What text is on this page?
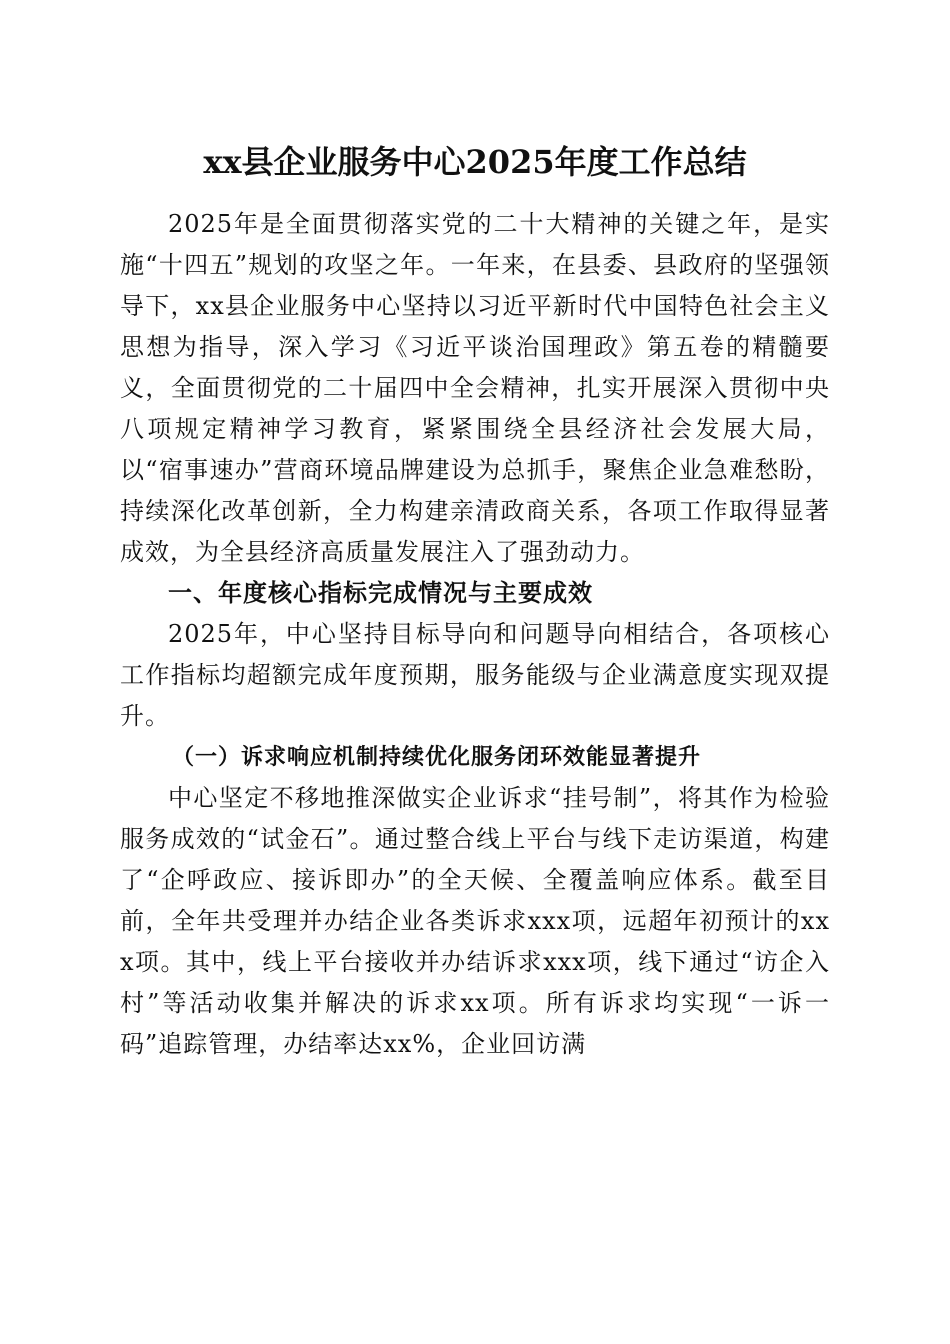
xx县企业服务中心2025年度工作总结

2025年是全面贯彻落实党的二十大精神的关键之年，是实施“十四五”规划的攻坚之年。一年来，在县委、县政府的坚强领导下，xx县企业服务中心坚持以习近平新时代中国特色社会主义思想为指导，深入学习《习近平谈治国理政》第五卷的精髓要义，全面贯彻党的二十届四中全会精神，扎实开展深入贯彻中央八项规定精神学习教育，紧紧围绕全县经济社会发展大局，以“宿事速办”营商环境品牌建设为总抓手，聚焦企业急难愁盼，持续深化改革创新，全力构建亲清政商关系，各项工作取得显著成效，为全县经济高质量发展注入了强劲动力。

一、年度核心指标完成情况与主要成效

2025年，中心坚持目标导向和问题导向相结合，各项核心工作指标均超额完成年度预期，服务能级与企业满意度实现双提升。

（一）诉求响应机制持续优化服务闭环效能显著提升

中心坚定不移地推深做实企业诉求“挂号制”，将其作为检验服务成效的“试金石”。通过整合线上平台与线下走访渠道，构建了“企呼政应、接诉即办”的全天候、全覆盖响应体系。截至目前，全年共受理并办结企业各类诉求xxx项，远超年初预计的xxx项。其中，线上平台接收并办结诉求xxx项，线下通过“访企入村”等活动收集并解决的诉求xx项。所有诉求均实现“一诉一码”追踪管理，办结率达xx%，企业回访满
